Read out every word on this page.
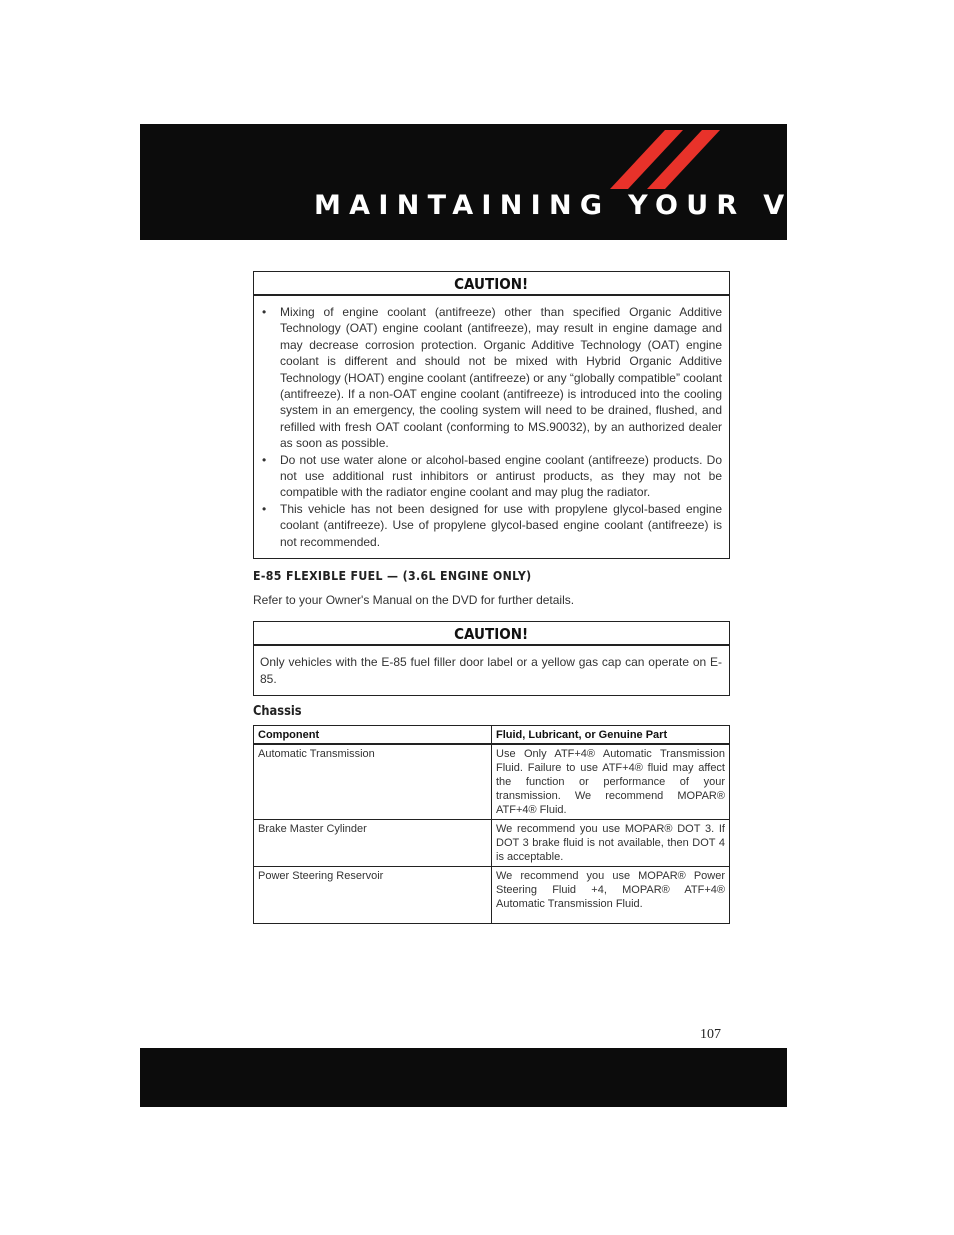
MAINTAINING YOUR VEHICLE
CAUTION!
• Mixing of engine coolant (antifreeze) other than specified Organic Additive Technology (OAT) engine coolant (antifreeze), may result in engine damage and may decrease corrosion protection. Organic Additive Technology (OAT) engine coolant is different and should not be mixed with Hybrid Organic Additive Technology (HOAT) engine coolant (antifreeze) or any “globally compatible” coolant (antifreeze). If a non-OAT engine coolant (antifreeze) is introduced into the cooling system in an emergency, the cooling system will need to be drained, flushed, and refilled with fresh OAT coolant (conforming to MS.90032), by an authorized dealer as soon as possible.
• Do not use water alone or alcohol-based engine coolant (antifreeze) products. Do not use additional rust inhibitors or antirust products, as they may not be compatible with the radiator engine coolant and may plug the radiator.
• This vehicle has not been designed for use with propylene glycol-based engine coolant (antifreeze). Use of propylene glycol-based engine coolant (antifreeze) is not recommended.
E-85 FLEXIBLE FUEL — (3.6L ENGINE ONLY)
Refer to your Owner's Manual on the DVD for further details.
CAUTION!
Only vehicles with the E-85 fuel filler door label or a yellow gas cap can operate on E-85.
Chassis
Component	Fluid, Lubricant, or Genuine Part
Automatic Transmission	Use Only ATF+4® Automatic Transmission Fluid. Failure to use ATF+4® fluid may affect the function or performance of your transmission. We recommend MOPAR® ATF+4® Fluid.
Brake Master Cylinder	We recommend you use MOPAR® DOT 3. If DOT 3 brake fluid is not available, then DOT 4 is acceptable.
Power Steering Reservoir	We recommend you use MOPAR® Power Steering Fluid +4, MOPAR® ATF+4® Automatic Transmission Fluid.
107
